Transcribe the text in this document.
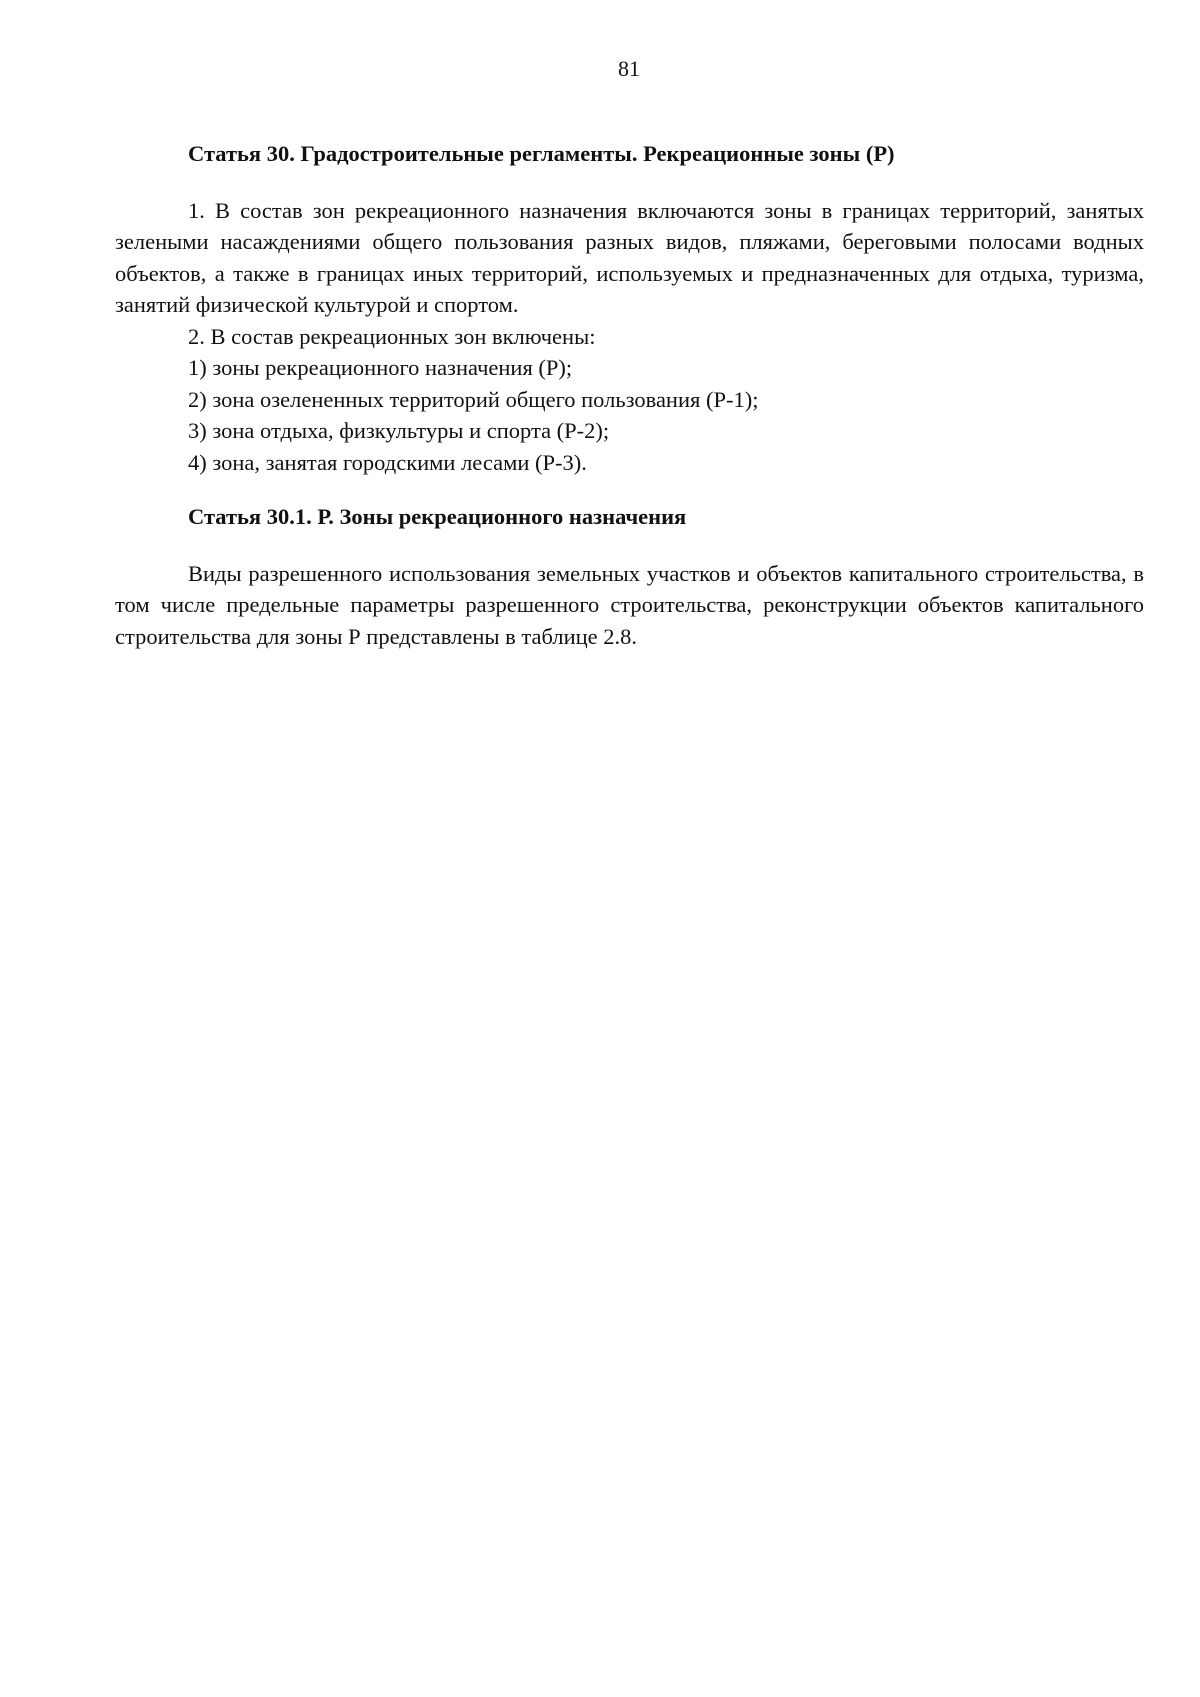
81
Статья 30. Градостроительные регламенты. Рекреационные зоны (Р)

1. В состав зон рекреационного назначения включаются зоны в границах территорий, занятых зелеными насаждениями общего пользования разных видов, пляжами, береговыми полосами водных объектов, а также в границах иных территорий, используемых и предназначенных для отдыха, туризма, занятий физической культурой и спортом.

2. В состав рекреационных зон включены:

1) зоны рекреационного назначения (Р);

2) зона озелененных территорий общего пользования (Р-1);

3) зона отдыха, физкультуры и спорта (Р-2);

4) зона, занятая городскими лесами (Р-3).

Статья 30.1. Р. Зоны рекреационного назначения

Виды разрешенного использования земельных участков и объектов капитального строительства, в том числе предельные параметры разрешенного строительства, реконструкции объектов капитального строительства для зоны Р представлены в таблице 2.8.
